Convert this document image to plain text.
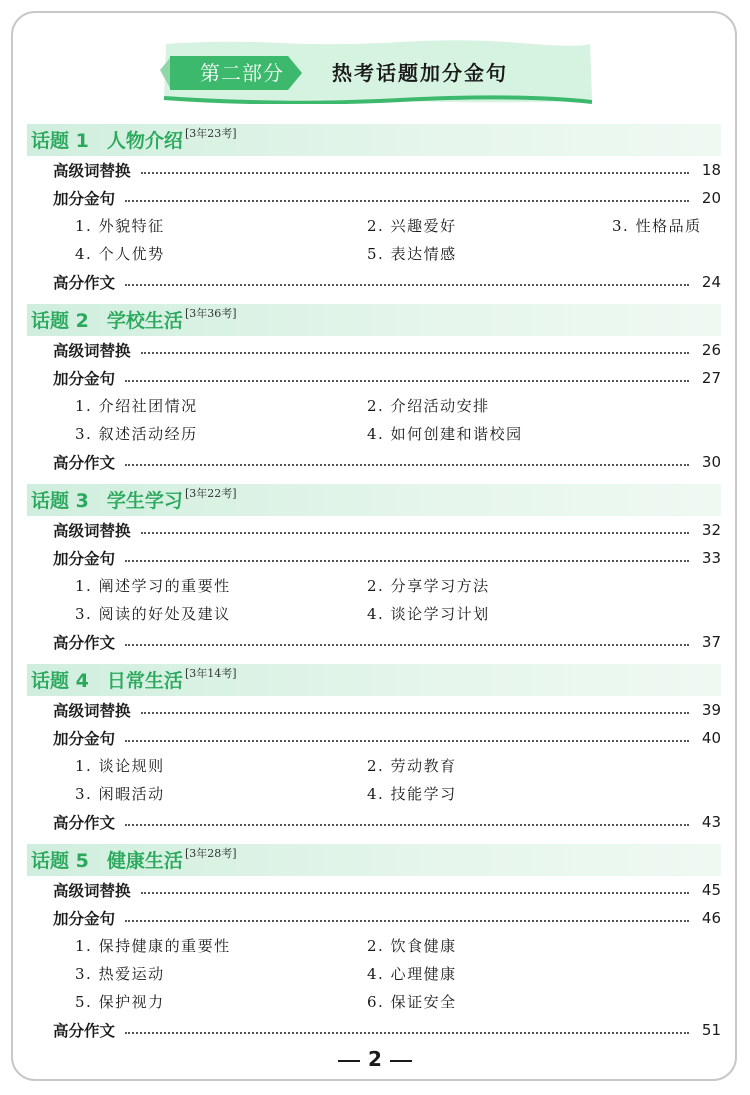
第二部分	热考话题加分金句
话题 1 人物介绍 [3年23考]
高级词替换	18
加分金句	20
1. 外貌特征	2. 兴趣爱好	3. 性格品质
4. 个人优势	5. 表达情感
高分作文	24
话题 2 学校生活 [3年36考]
高级词替换	26
加分金句	27
1. 介绍社团情况	2. 介绍活动安排
3. 叙述活动经历	4. 如何创建和谐校园
高分作文	30
话题 3 学生学习 [3年22考]
高级词替换	32
加分金句	33
1. 阐述学习的重要性	2. 分享学习方法
3. 阅读的好处及建议	4. 谈论学习计划
高分作文	37
话题 4 日常生活 [3年14考]
高级词替换	39
加分金句	40
1. 谈论规则	2. 劳动教育
3. 闲暇活动	4. 技能学习
高分作文	43
话题 5 健康生活 [3年28考]
高级词替换	45
加分金句	46
1. 保持健康的重要性	2. 饮食健康
3. 热爱运动	4. 心理健康
5. 保护视力	6. 保证安全
高分作文	51
2
